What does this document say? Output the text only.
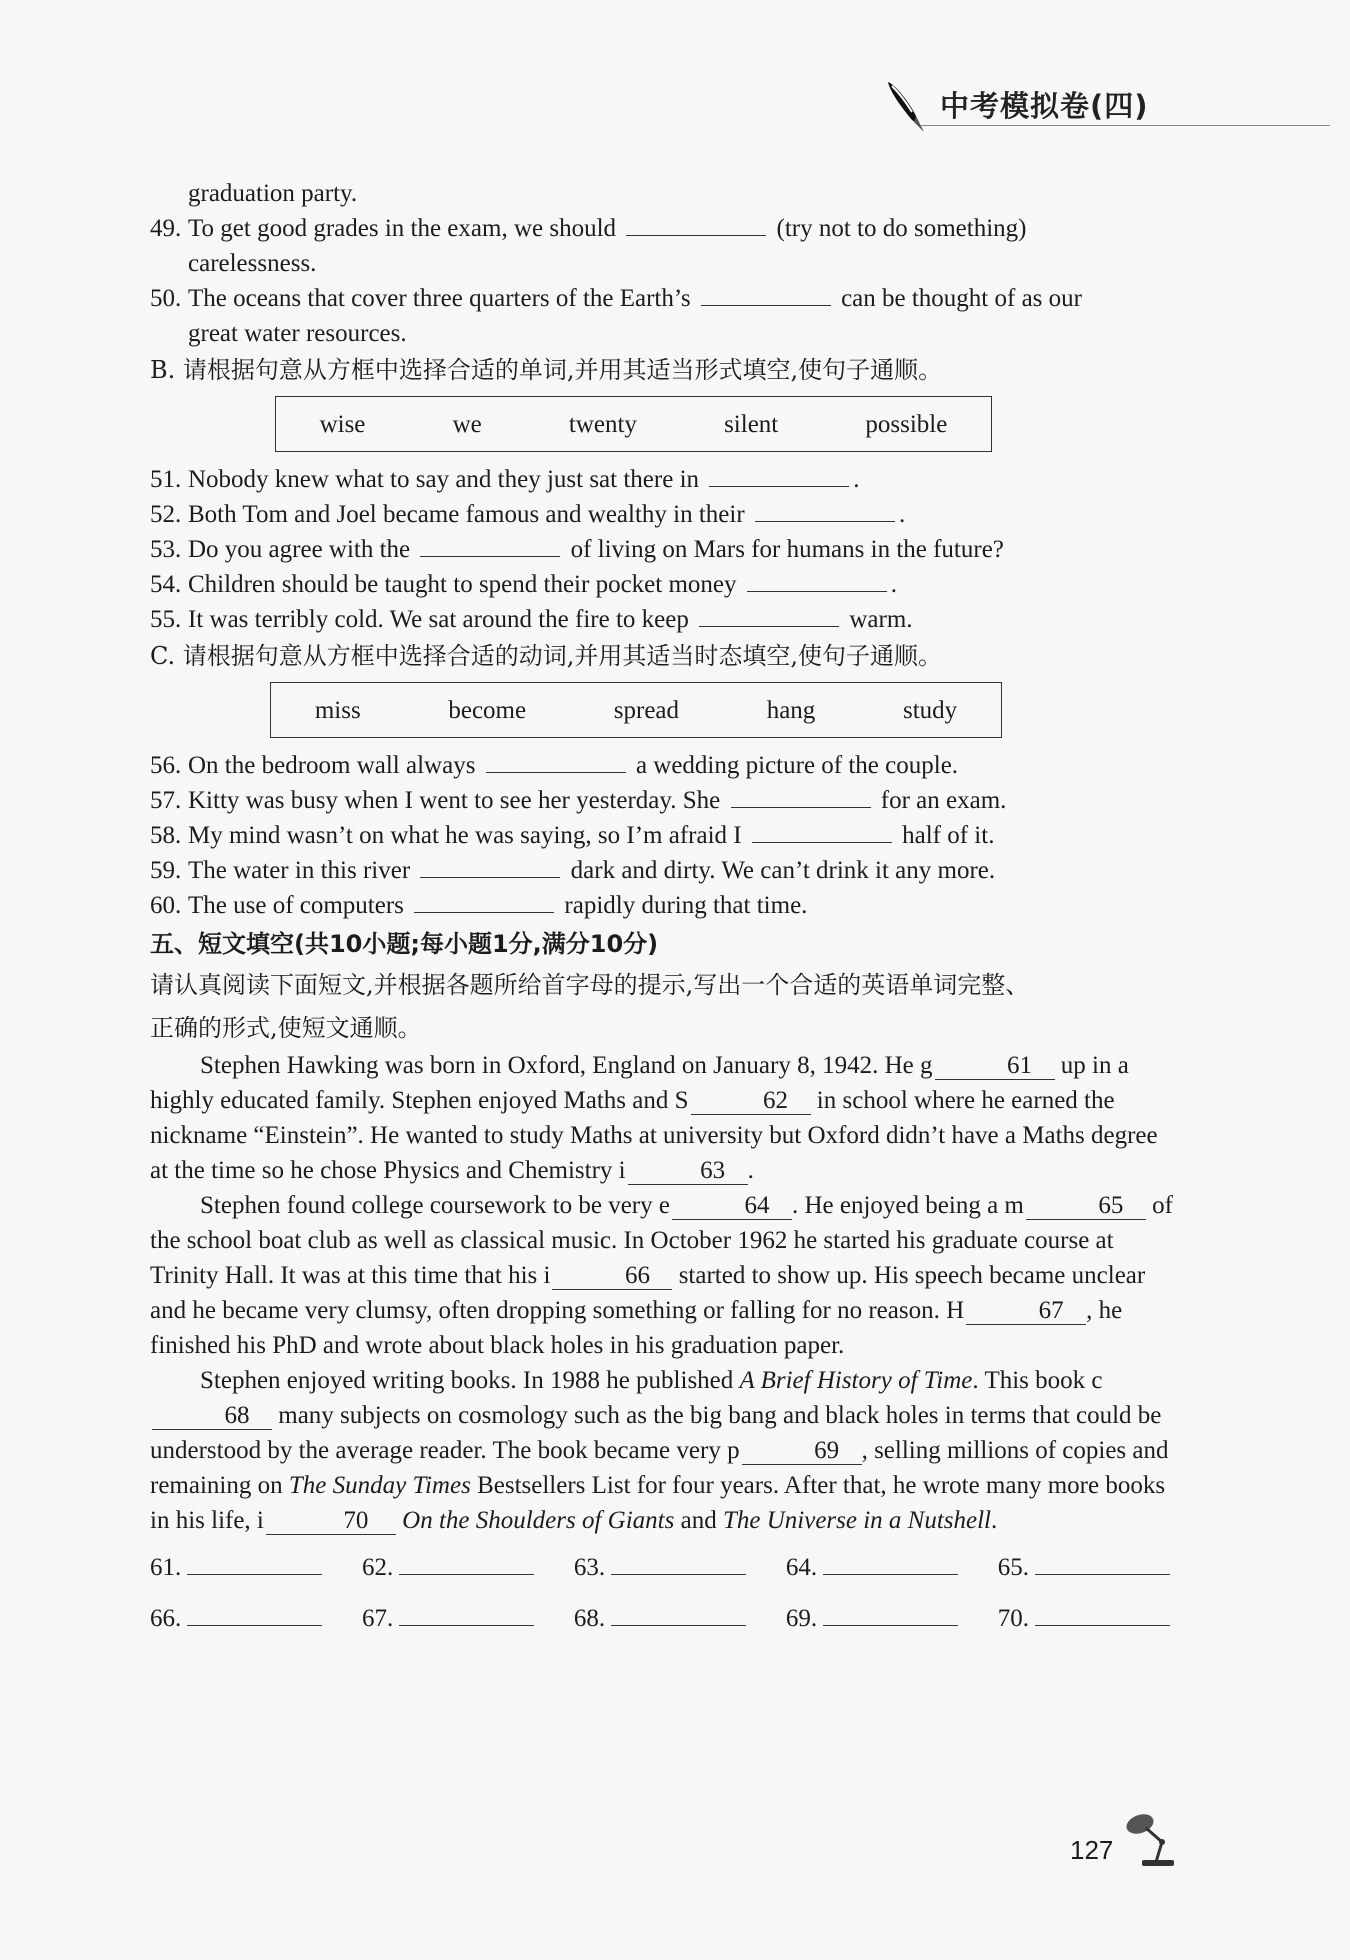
中考模拟卷(四)
graduation party.
49. To get good grades in the exam, we should	(try not to do something)
carelessness.
50. The oceans that cover three quarters of the Earth’s	can be thought of as our
great water resources.
B. 请根据句意从方框中选择合适的单词,并用其适当形式填空,使句子通顺。
wise	we	twenty	silent	possible
51. Nobody knew what to say and they just sat there in	.
52. Both Tom and Joel became famous and wealthy in their	.
53. Do you agree with the	of living on Mars for humans in the future?
54. Children should be taught to spend their pocket money	.
55. It was terribly cold. We sat around the fire to keep	warm.
C. 请根据句意从方框中选择合适的动词,并用其适当时态填空,使句子通顺。
miss	become	spread	hang	study
56. On the bedroom wall always	a wedding picture of the couple.
57. Kitty was busy when I went to see her yesterday. She	for an exam.
58. My mind wasn’t on what he was saying, so I’m afraid I	half of it.
59. The water in this river	dark and dirty. We can’t drink it any more.
60. The use of computers	rapidly during that time.
五、短文填空(共10小题;每小题1分,满分10分)
请认真阅读下面短文,并根据各题所给首字母的提示,写出一个合适的英语单词完整、
正确的形式,使短文通顺。
Stephen Hawking was born in Oxford, England on January 8, 1942. He g	61 up in a highly educated family. Stephen enjoyed Maths and S	62 in school where he earned the nickname “Einstein”. He wanted to study Maths at university but Oxford didn’t have a Maths degree at the time so he chose Physics and Chemistry i	63 .
Stephen found college coursework to be very e	64 . He enjoyed being a m	65 of the school boat club as well as classical music. In October 1962 he started his graduate course at Trinity Hall. It was at this time that his i	66 started to show up. His speech became unclear and he became very clumsy, often dropping something or falling for no reason. H	67 , he finished his PhD and wrote about black holes in his graduation paper.
Stephen enjoyed writing books. In 1988 he published A Brief History of Time. This book c68 many subjects on cosmology such as the big bang and black holes in terms that could be understood by the average reader. The book became very p	69 , selling millions of copies and remaining on The Sunday Times Bestsellers List for four years. After that, he wrote many more books in his life, i	70 On the Shoulders of Giants and The Universe in a Nutshell.
61.	62.	63.	64.	65.
66.	67.	68.	69.	70.
127
